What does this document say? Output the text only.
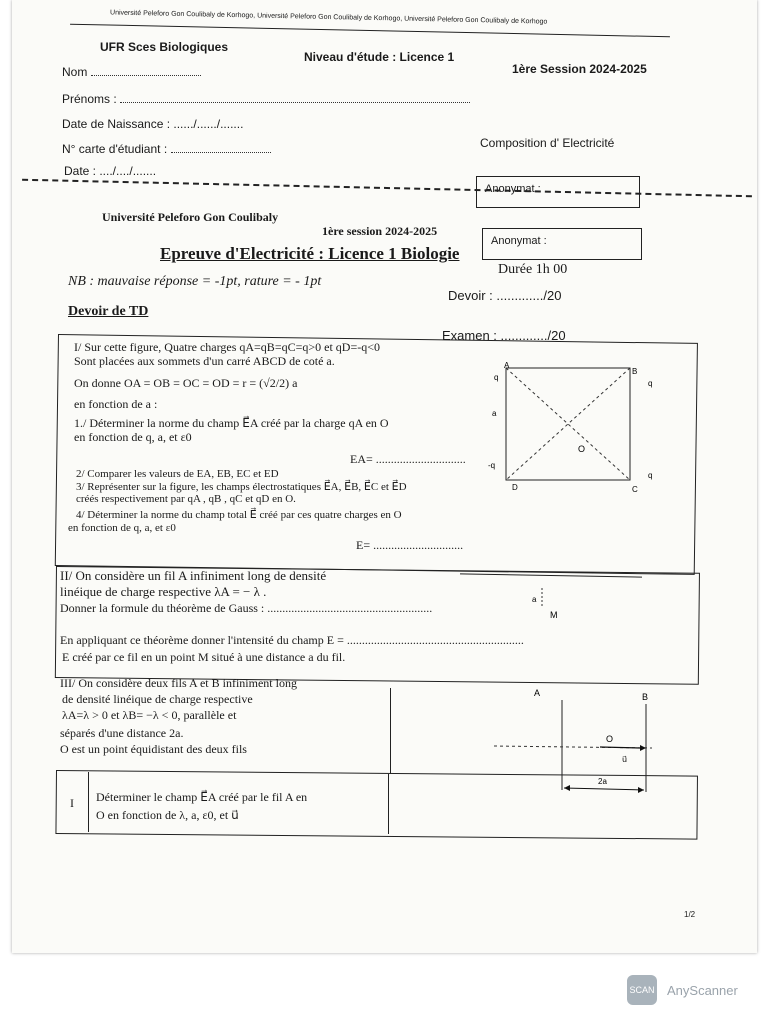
Université Peleforo Gon Coulibaly de Korhogo, Université Peleforo Gon Coulibaly de Korhogo, Université Peleforo Gon Coulibaly de Korhogo
UFR Sces Biologiques
Niveau d'étude : Licence 1
1ère Session 2024-2025
Nom
Prénoms :
Date de Naissance : ....../....../.......
N° carte d'étudiant :
Date : ..../..../.......
Composition d' Electricité
Anonymat :
Université Peleforo Gon Coulibaly
1ère session 2024-2025
Anonymat :
Epreuve d'Electricité : Licence 1 Biologie
Durée 1h 00
NB : mauvaise réponse = -1pt, rature = - 1pt
Devoir : ............./20
Devoir de TD
Examen : ............./20
I/ Sur cette figure, Quatre charges qA=qB=qC=q>0 et qD=-q<0
Sont placées aux sommets d'un carré ABCD de coté a.
On donne OA = OB = OC = OD = r = (√2/2) a
en fonction de a :
1./ Déterminer la norme du champ E⃗A créé par la charge qA en O
en fonction de q, a, et ε0
EA= ..............................
2/ Comparer les valeurs de EA, EB, EC et ED
3/ Représenter sur la figure, les champs électrostatiques E⃗A, E⃗B, E⃗C et E⃗D
créés respectivement par qA , qB , qC et qD en O.
4/ Déterminer la norme du champ total E⃗ créé par ces quatre charges en O
en fonction de q, a, et ε0
E= ..............................
A
B
C
D
O
q
q
q
-q
a
II/ On considère un fil A infiniment long de densité
linéique de charge respective λA = − λ .
Donner la formule du théorème de Gauss : .......................................................
En appliquant ce théorème donner l'intensité du champ E = ...........................................................
E créé par ce fil en un point M situé à une distance a du fil.
a
M
III/ On considère deux fils A et B infiniment long
de densité linéique de charge respective
λA=λ > 0 et λB= −λ < 0, parallèle et
séparés d'une distance 2a.
O est un point équidistant des deux fils
A	B
O
u⃗
2a
I Déterminer le champ E⃗A créé par le fil A en
O en fonction de λ, a, ε0, et u⃗
1/2
SCAN AnyScanner
